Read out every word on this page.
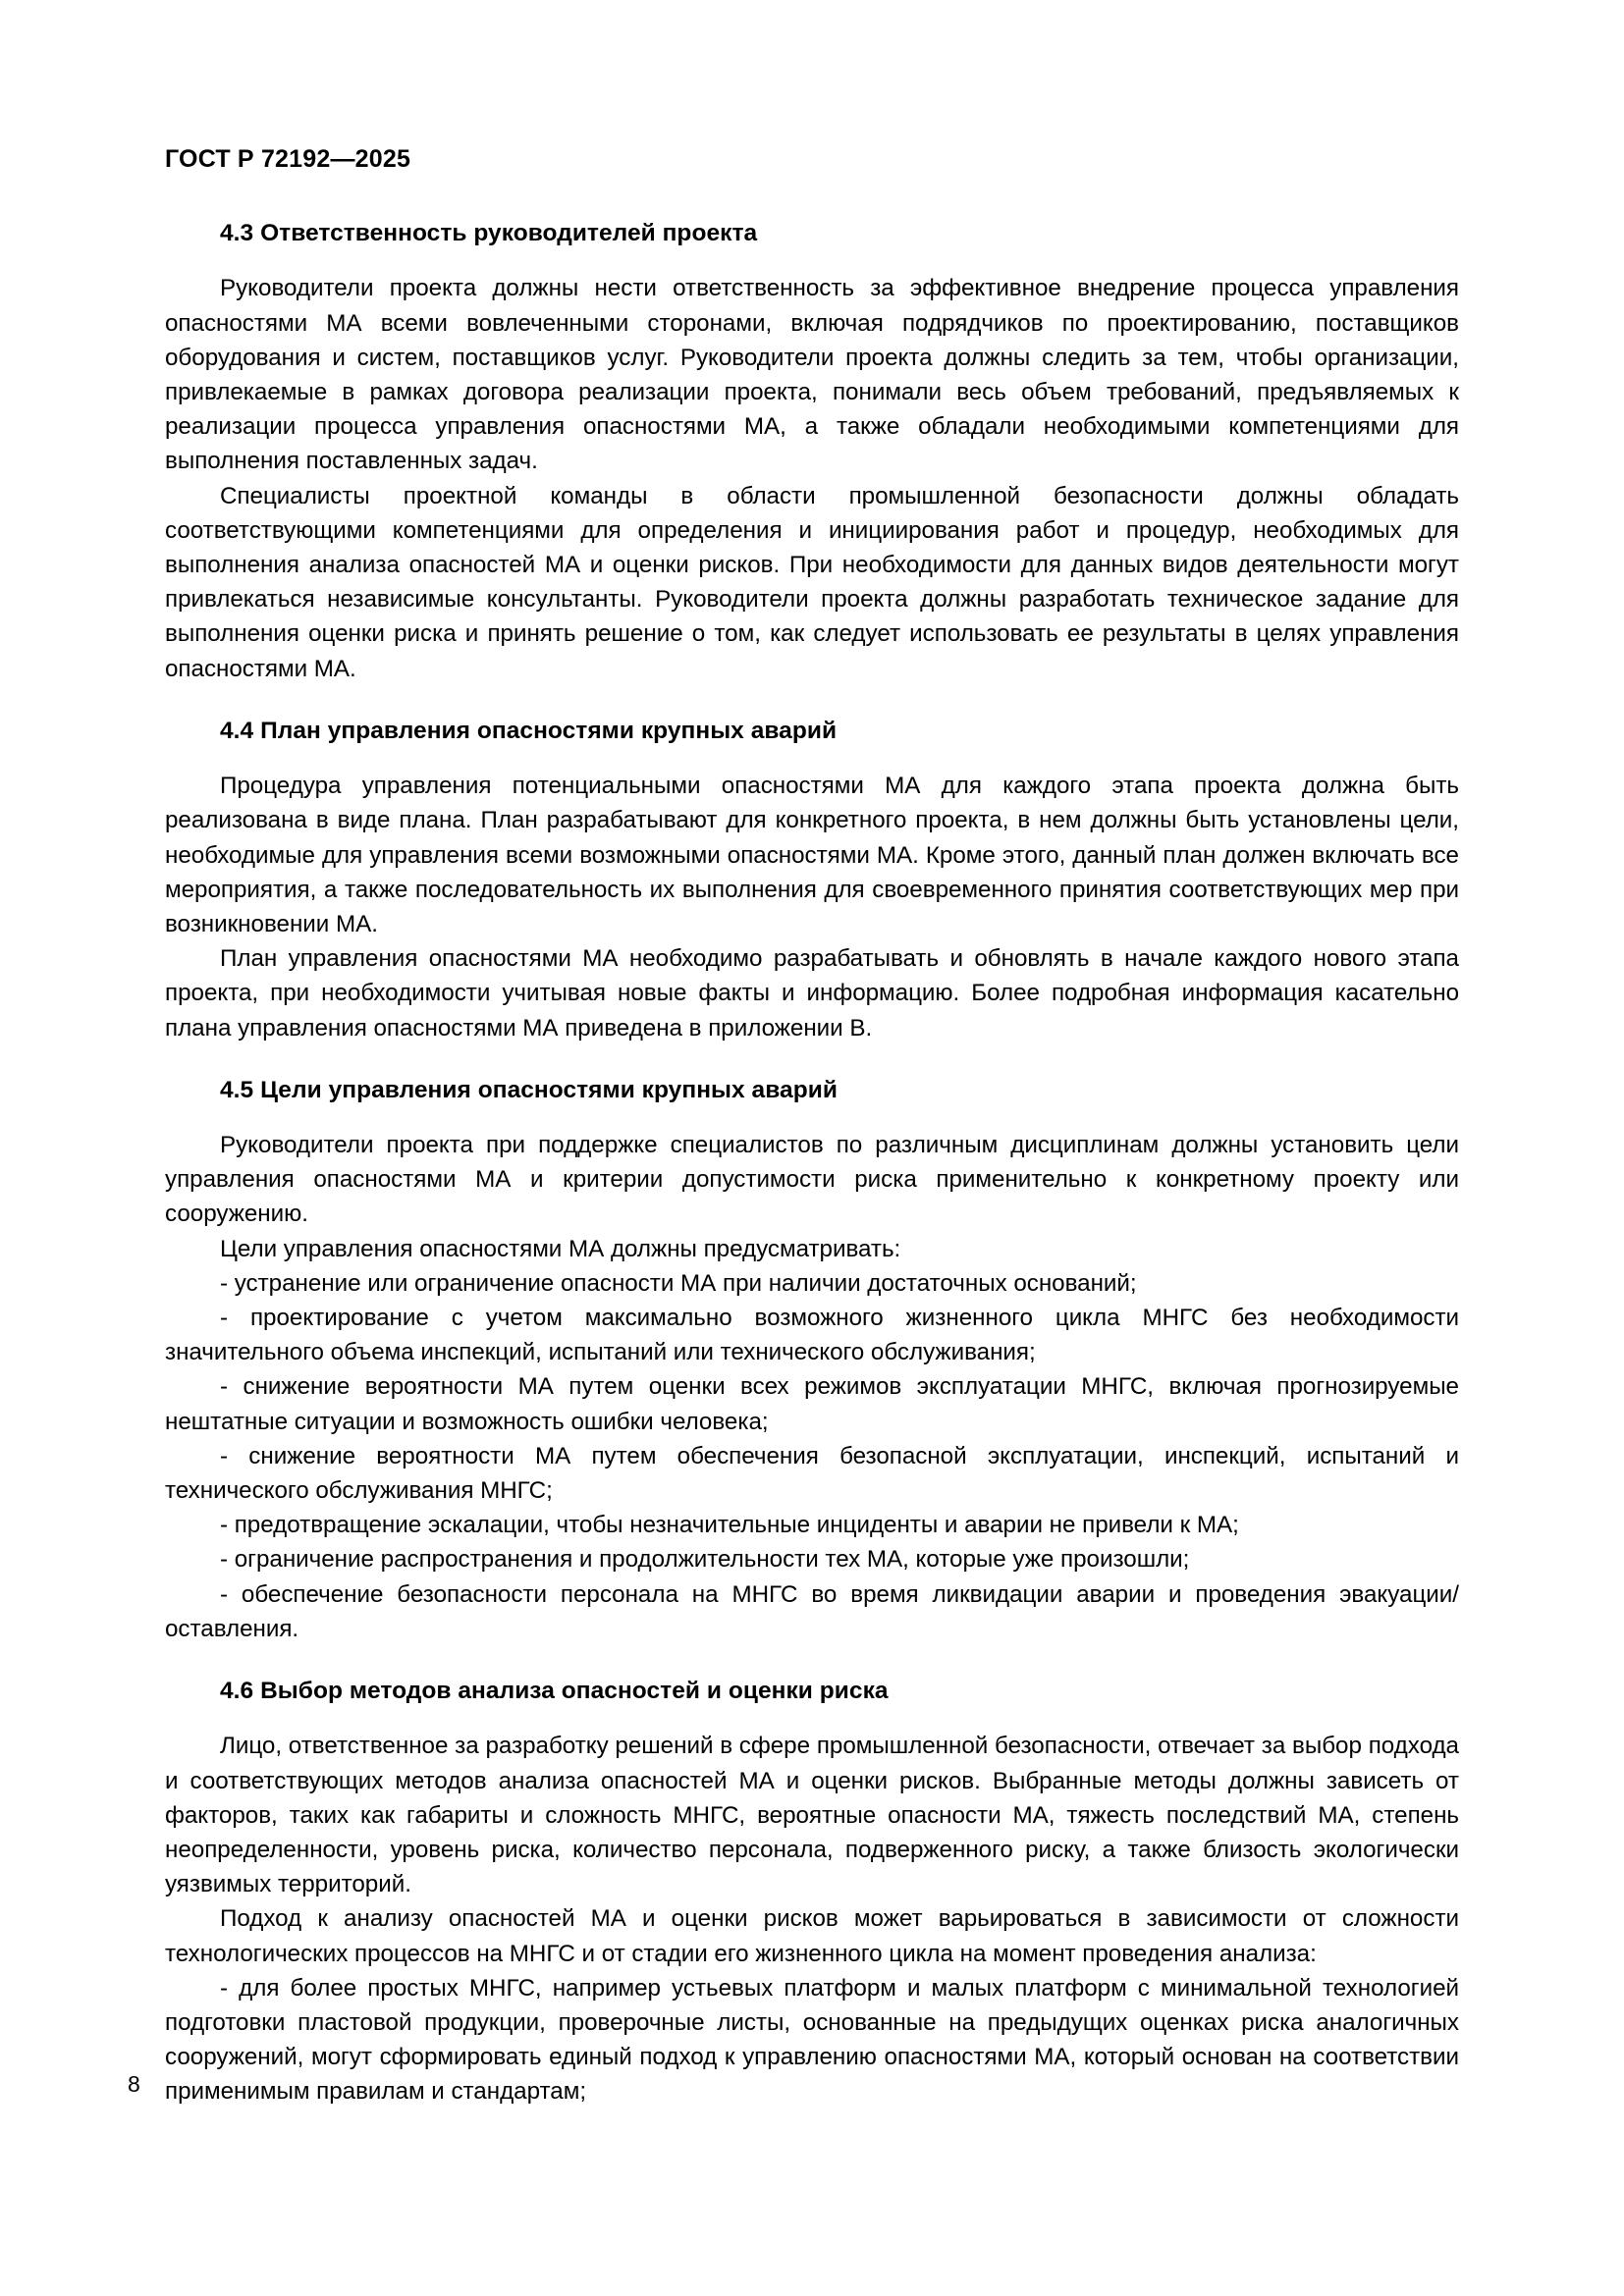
ГОСТ Р 72192—2025
4.3 Ответственность руководителей проекта

Руководители проекта должны нести ответственность за эффективное внедрение процесса управления опасностями МА всеми вовлеченными сторонами, включая подрядчиков по проектированию, поставщиков оборудования и систем, поставщиков услуг. Руководители проекта должны следить за тем, чтобы организации, привлекаемые в рамках договора реализации проекта, понимали весь объем требований, предъявляемых к реализации процесса управления опасностями МА, а также обладали необходимыми компетенциями для выполнения поставленных задач.

Специалисты проектной команды в области промышленной безопасности должны обладать соответствующими компетенциями для определения и инициирования работ и процедур, необходимых для выполнения анализа опасностей МА и оценки рисков. При необходимости для данных видов деятельности могут привлекаться независимые консультанты. Руководители проекта должны разработать техническое задание для выполнения оценки риска и принять решение о том, как следует использовать ее результаты в целях управления опасностями МА.

4.4 План управления опасностями крупных аварий

Процедура управления потенциальными опасностями МА для каждого этапа проекта должна быть реализована в виде плана. План разрабатывают для конкретного проекта, в нем должны быть установлены цели, необходимые для управления всеми возможными опасностями МА. Кроме этого, данный план должен включать все мероприятия, а также последовательность их выполнения для своевременного принятия соответствующих мер при возникновении МА.

План управления опасностями МА необходимо разрабатывать и обновлять в начале каждого нового этапа проекта, при необходимости учитывая новые факты и информацию. Более подробная информация касательно плана управления опасностями МА приведена в приложении В.

4.5 Цели управления опасностями крупных аварий

Руководители проекта при поддержке специалистов по различным дисциплинам должны установить цели управления опасностями МА и критерии допустимости риска применительно к конкретному проекту или сооружению.

Цели управления опасностями МА должны предусматривать:

- устранение или ограничение опасности МА при наличии достаточных оснований;

- проектирование с учетом максимально возможного жизненного цикла МНГС без необходимости значительного объема инспекций, испытаний или технического обслуживания;

- снижение вероятности МА путем оценки всех режимов эксплуатации МНГС, включая прогнозируемые нештатные ситуации и возможность ошибки человека;

- снижение вероятности МА путем обеспечения безопасной эксплуатации, инспекций, испытаний и технического обслуживания МНГС;

- предотвращение эскалации, чтобы незначительные инциденты и аварии не привели к МА;

- ограничение распространения и продолжительности тех МА, которые уже произошли;

- обеспечение безопасности персонала на МНГС во время ликвидации аварии и проведения эвакуации/оставления.

4.6 Выбор методов анализа опасностей и оценки риска

Лицо, ответственное за разработку решений в сфере промышленной безопасности, отвечает за выбор подхода и соответствующих методов анализа опасностей МА и оценки рисков. Выбранные методы должны зависеть от факторов, таких как габариты и сложность МНГС, вероятные опасности МА, тяжесть последствий МА, степень неопределенности, уровень риска, количество персонала, подверженного риску, а также близость экологически уязвимых территорий.

Подход к анализу опасностей МА и оценки рисков может варьироваться в зависимости от сложности технологических процессов на МНГС и от стадии его жизненного цикла на момент проведения анализа:

- для более простых МНГС, например устьевых платформ и малых платформ с минимальной технологией подготовки пластовой продукции, проверочные листы, основанные на предыдущих оценках риска аналогичных сооружений, могут сформировать единый подход к управлению опасностями МА, который основан на соответствии применимым правилам и стандартам;

8
